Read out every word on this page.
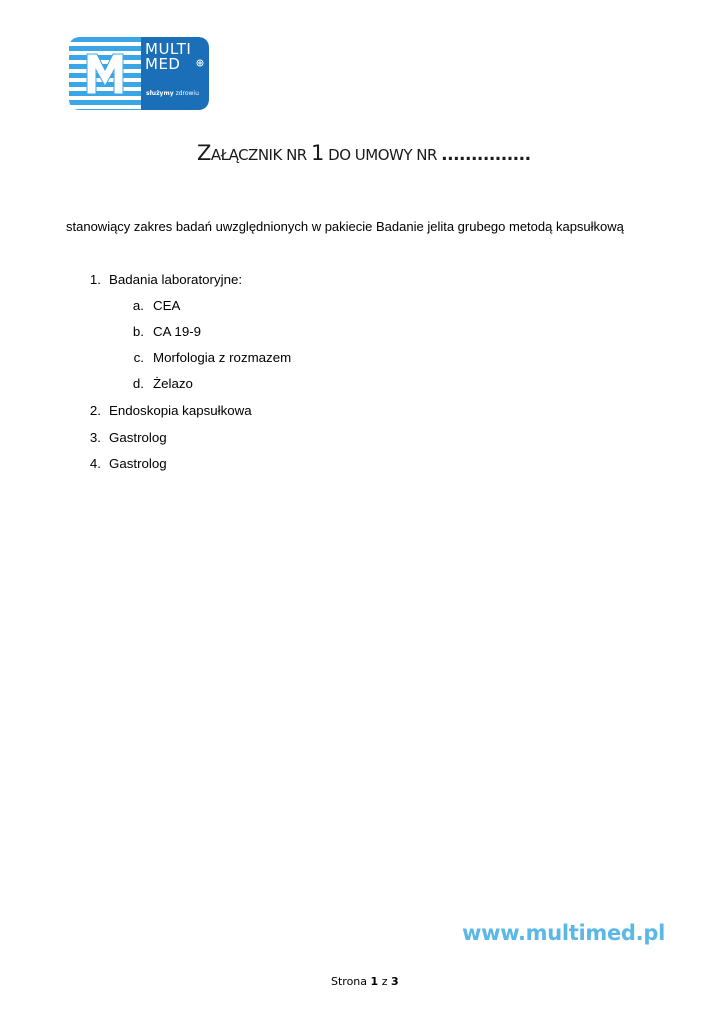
MULTI
MED
służymy zdrowiu
ZAŁĄCZNIK NR 1 DO UMOWY NR ...............
stanowiący zakres badań uwzględnionych w pakiecie Badanie jelita grubego metodą kapsułkową
1. Badania laboratoryjne:
a. CEA
b. CA 19-9
c. Morfologia z rozmazem
d. Żelazo
2. Endoskopia kapsułkowa
3. Gastrolog
4. Gastrolog
www.multimed.pl
Strona 1 z 3
